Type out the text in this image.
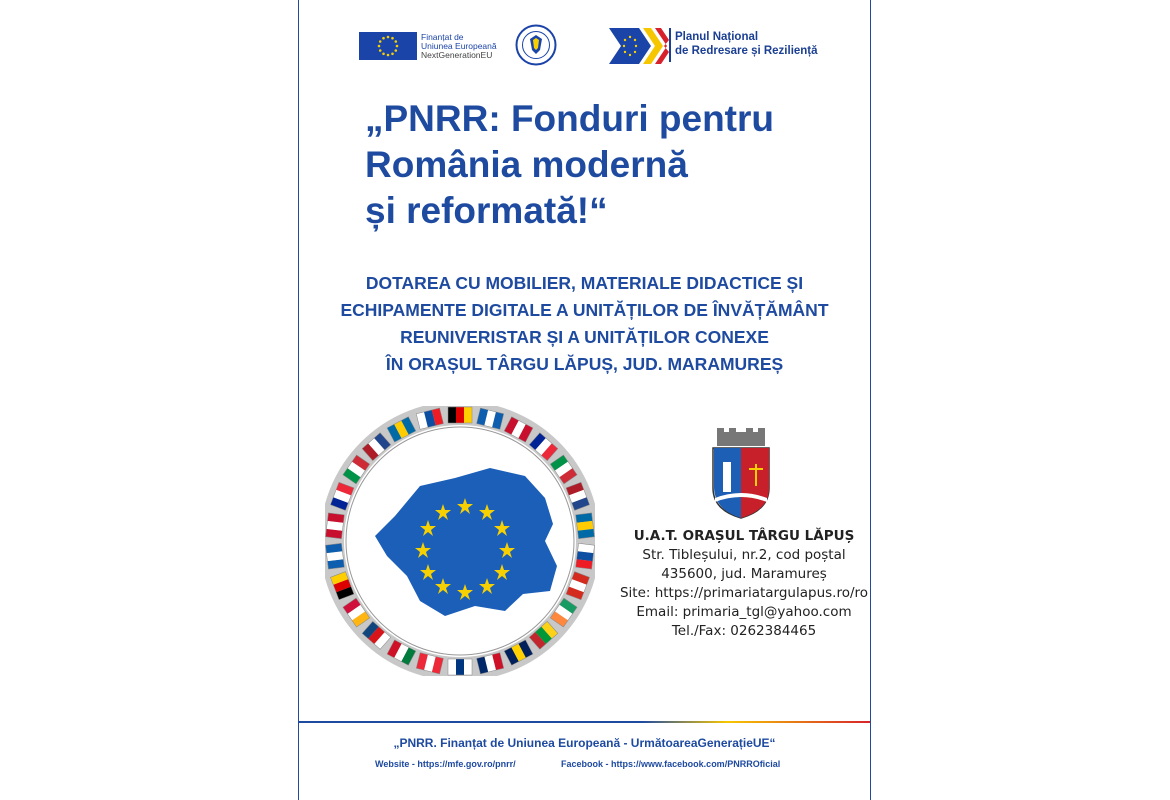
Finanțat de
Uniunea Europeană
NextGenerationEU
Planul Național
de Redresare și Reziliență
„PNRR: Fonduri pentru
România modernă
și reformată!“
DOTAREA CU MOBILIER, MATERIALE DIDACTICE ȘI
ECHIPAMENTE DIGITALE A UNITĂȚILOR DE ÎNVĂȚĂMÂNT
REUNIVERISTAR ȘI A UNITĂȚILOR CONEXE
ÎN ORAȘUL TÂRGU LĂPUȘ, JUD. MARAMUREȘ
U.A.T. ORAȘUL TÂRGU LĂPUȘ
Str. Tibleșului, nr.2, cod poștal
435600, jud. Maramureș
Site: https://primariatargulapus.ro/ro
Email: primaria_tgl@yahoo.com
Tel./Fax: 0262384465
„PNRR. Finanțat de Uniunea Europeană - UrmătoareaGenerațieUE“
Website - https://mfe.gov.ro/pnrr/	Facebook - https://www.facebook.com/PNRROficial
